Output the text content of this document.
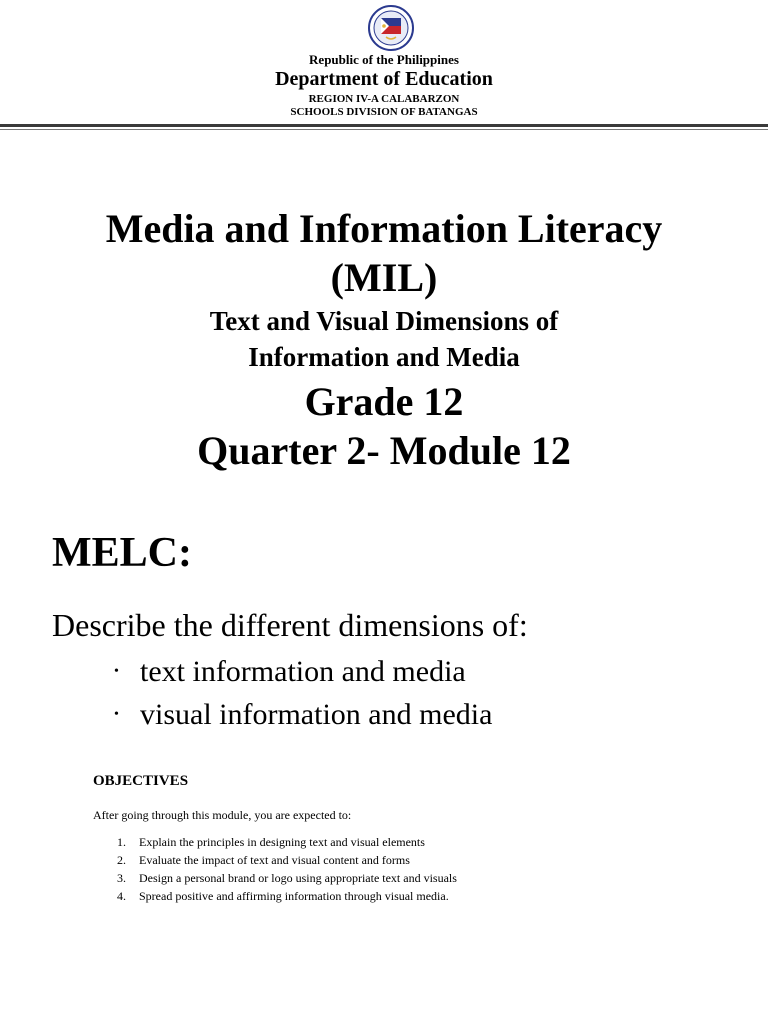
Republic of the Philippines
Department of Education
REGION IV-A CALABARZON
SCHOOLS DIVISION OF BATANGAS
Media and Information Literacy
(MIL)
Text and Visual Dimensions of
Information and Media
Grade 12
Quarter 2- Module 12
MELC:
Describe the different dimensions of:
• text information and media
• visual information and media
OBJECTIVES
After going through this module, you are expected to:
1. Explain the principles in designing text and visual elements
2. Evaluate the impact of text and visual content and forms
3. Design a personal brand or logo using appropriate text and visuals
4. Spread positive and affirming information through visual media.
